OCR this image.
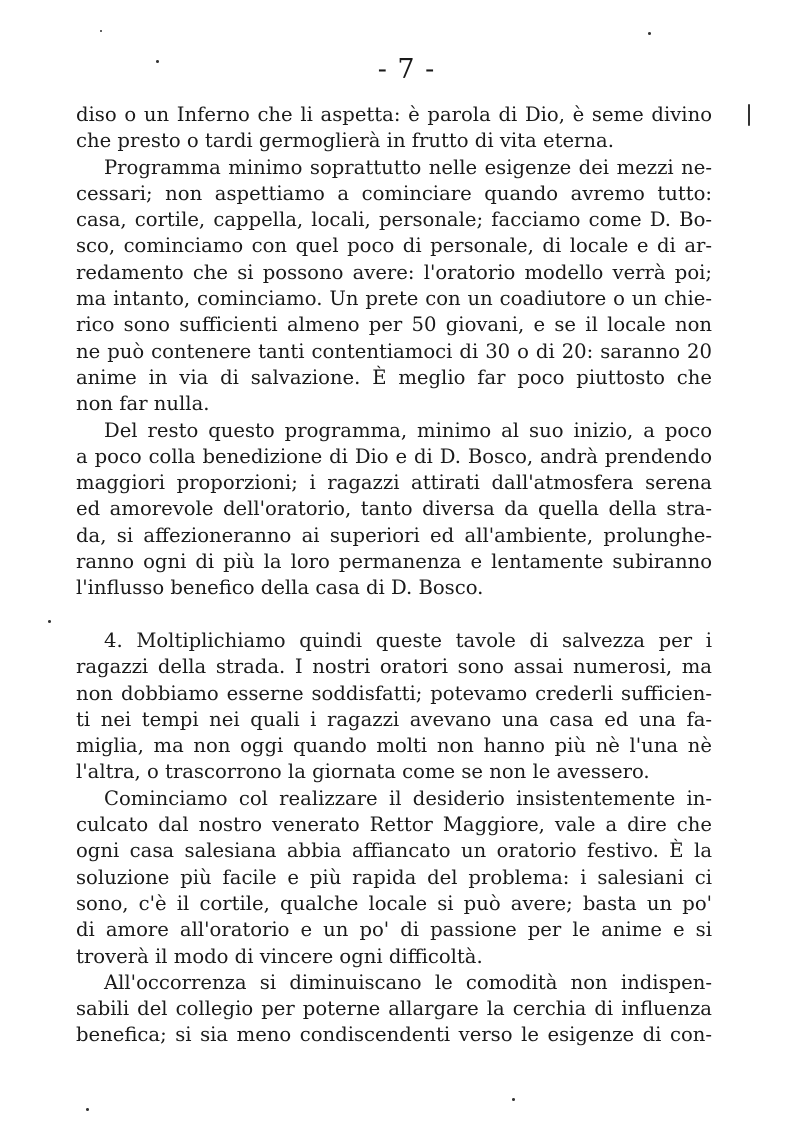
- 7 -
diso o un Inferno che li aspetta: è parola di Dio, è seme divino
che presto o tardi germoglierà in frutto di vita eterna.
Programma minimo soprattutto nelle esigenze dei mezzi ne-
cessari; non aspettiamo a cominciare quando avremo tutto:
casa, cortile, cappella, locali, personale; facciamo come D. Bo-
sco, cominciamo con quel poco di personale, di locale e di ar-
redamento che si possono avere: l'oratorio modello verrà poi;
ma intanto, cominciamo. Un prete con un coadiutore o un chie-
rico sono sufficienti almeno per 50 giovani, e se il locale non
ne può contenere tanti contentiamoci di 30 o di 20: saranno 20
anime in via di salvazione. È meglio far poco piuttosto che
non far nulla.
Del resto questo programma, minimo al suo inizio, a poco
a poco colla benedizione di Dio e di D. Bosco, andrà prendendo
maggiori proporzioni; i ragazzi attirati dall'atmosfera serena
ed amorevole dell'oratorio, tanto diversa da quella della stra-
da, si affezioneranno ai superiori ed all'ambiente, prolunghe-
ranno ogni di più la loro permanenza e lentamente subiranno
l'influsso benefico della casa di D. Bosco.
4. Moltiplichiamo quindi queste tavole di salvezza per i
ragazzi della strada. I nostri oratori sono assai numerosi, ma
non dobbiamo esserne soddisfatti; potevamo crederli sufficien-
ti nei tempi nei quali i ragazzi avevano una casa ed una fa-
miglia, ma non oggi quando molti non hanno più nè l'una nè
l'altra, o trascorrono la giornata come se non le avessero.
Cominciamo col realizzare il desiderio insistentemente in-
culcato dal nostro venerato Rettor Maggiore, vale a dire che
ogni casa salesiana abbia affiancato un oratorio festivo. È la
soluzione più facile e più rapida del problema: i salesiani ci
sono, c'è il cortile, qualche locale si può avere; basta un po'
di amore all'oratorio e un po' di passione per le anime e si
troverà il modo di vincere ogni difficoltà.
All'occorrenza si diminuiscano le comodità non indispen-
sabili del collegio per poterne allargare la cerchia di influenza
benefica; si sia meno condiscendenti verso le esigenze di con-
